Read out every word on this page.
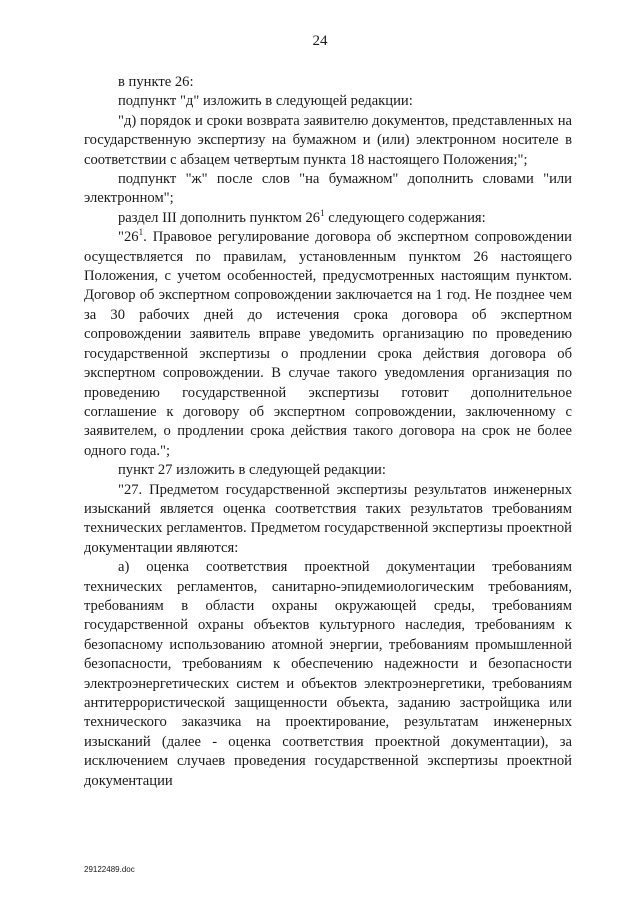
24

в пункте 26:

подпункт "д" изложить в следующей редакции:

"д) порядок и сроки возврата заявителю документов, представленных на государственную экспертизу на бумажном и (или) электронном носителе в соответствии с абзацем четвертым пункта 18 настоящего Положения;";

подпункт "ж" после слов "на бумажном" дополнить словами "или электронном";

раздел III дополнить пунктом $26^1$ следующего содержания:

"$26^1$. Правовое регулирование договора об экспертном сопровождении осуществляется по правилам, установленным пунктом 26 настоящего Положения, с учетом особенностей, предусмотренных настоящим пунктом. Договор об экспертном сопровождении заключается на 1 год. Не позднее чем за 30 рабочих дней до истечения срока договора об экспертном сопровождении заявитель вправе уведомить организацию по проведению государственной экспертизы о продлении срока действия договора об экспертном сопровождении. В случае такого уведомления организация по проведению государственной экспертизы готовит дополнительное соглашение к договору об экспертном сопровождении, заключенному с заявителем, о продлении срока действия такого договора на срок не более одного года.";

пункт 27 изложить в следующей редакции:

"27. Предметом государственной экспертизы результатов инженерных изысканий является оценка соответствия таких результатов требованиям технических регламентов. Предметом государственной экспертизы проектной документации являются:

а) оценка соответствия проектной документации требованиям технических регламентов, санитарно-эпидемиологическим требованиям, требованиям в области охраны окружающей среды, требованиям государственной охраны объектов культурного наследия, требованиям к безопасному использованию атомной энергии, требованиям промышленной безопасности, требованиям к обеспечению надежности и безопасности электроэнергетических систем и объектов электроэнергетики, требованиям антитеррористической защищенности объекта, заданию застройщика или технического заказчика на проектирование, результатам инженерных изысканий (далее - оценка соответствия проектной документации), за исключением случаев проведения государственной экспертизы проектной документации

29122489.doc
